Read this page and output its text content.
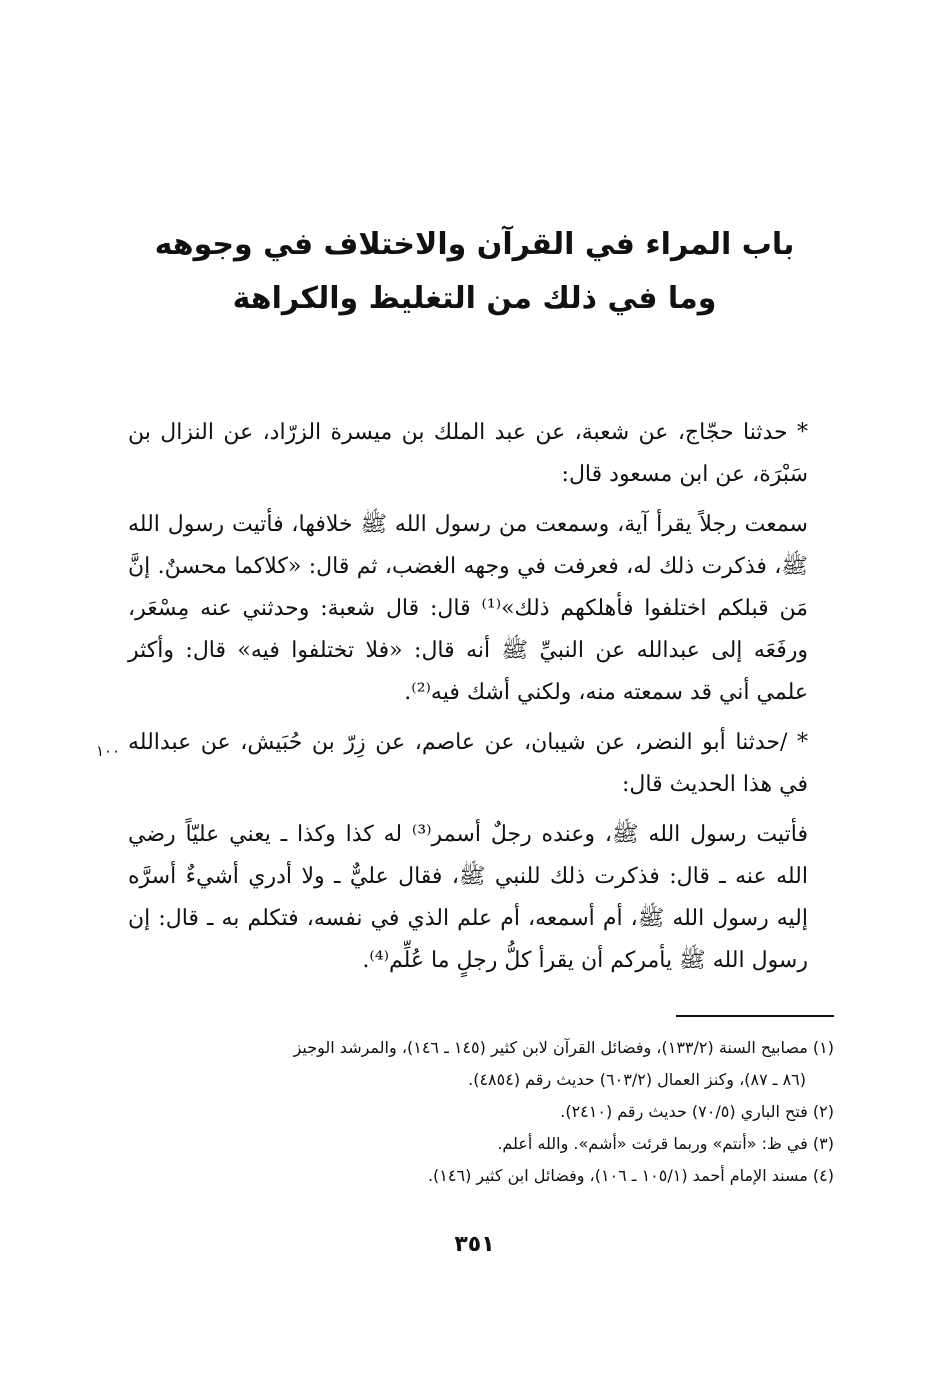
باب المراء في القرآن والاختلاف في وجوهه
وما في ذلك من التغليظ والكراهة

* حدثنا حجّاج، عن شعبة، عن عبد الملك بن ميسرة الزرّاد، عن النزال بن سَبْرَة، عن ابن مسعود قال:

سمعت رجلاً يقرأ آية، وسمعت من رسول الله ﷺ خلافها، فأتيت رسول الله ﷺ، فذكرت ذلك له، فعرفت في وجهه الغضب، ثم قال: «كلاكما محسنٌ. إنَّ مَن قبلكم اختلفوا فأهلكهم ذلك»⁽¹⁾ قال: قال شعبة: وحدثني عنه مِسْعَر، ورفَعَه إلى عبدالله عن النبيِّ ﷺ أنه قال: «فلا تختلفوا فيه» قال: وأكثر علمي أني قد سمعته منه، ولكني أشك فيه⁽²⁾.

* /حدثنا أبو النضر، عن شيبان، عن عاصم، عن زِرّ بن حُبَيش، عن عبدالله في هذا الحديث قال:

فأتيت رسول الله ﷺ، وعنده رجلٌ أسمر⁽³⁾ له كذا وكذا ـ يعني عليّاً رضي الله عنه ـ قال: فذكرت ذلك للنبي ﷺ، فقال عليٌّ ـ ولا أدري أشيءٌ أسرَّه إليه رسول الله ﷺ، أم أسمعه، أم علم الذي في نفسه، فتكلم به ـ قال: إن رسول الله ﷺ يأمركم أن يقرأ كلُّ رجلٍ ما عُلِّم⁽⁴⁾.

١٠٠

(١) مصابيح السنة (١٣٣/٢)، وفضائل القرآن لابن كثير (١٤٥ ـ ١٤٦)، والمرشد الوجيز

(٨٦ ـ ٨٧)، وكنز العمال (٦٠٣/٢) حديث رقم (٤٨٥٤).

(٢) فتح الباري (٧٠/٥) حديث رقم (٢٤١٠).

(٣) في ظ: «أنتم» وربما قرئت «أشم». والله أعلم.

(٤) مسند الإمام أحمد (١٠٥/١ ـ ١٠٦)، وفضائل ابن كثير (١٤٦).

٣٥١
